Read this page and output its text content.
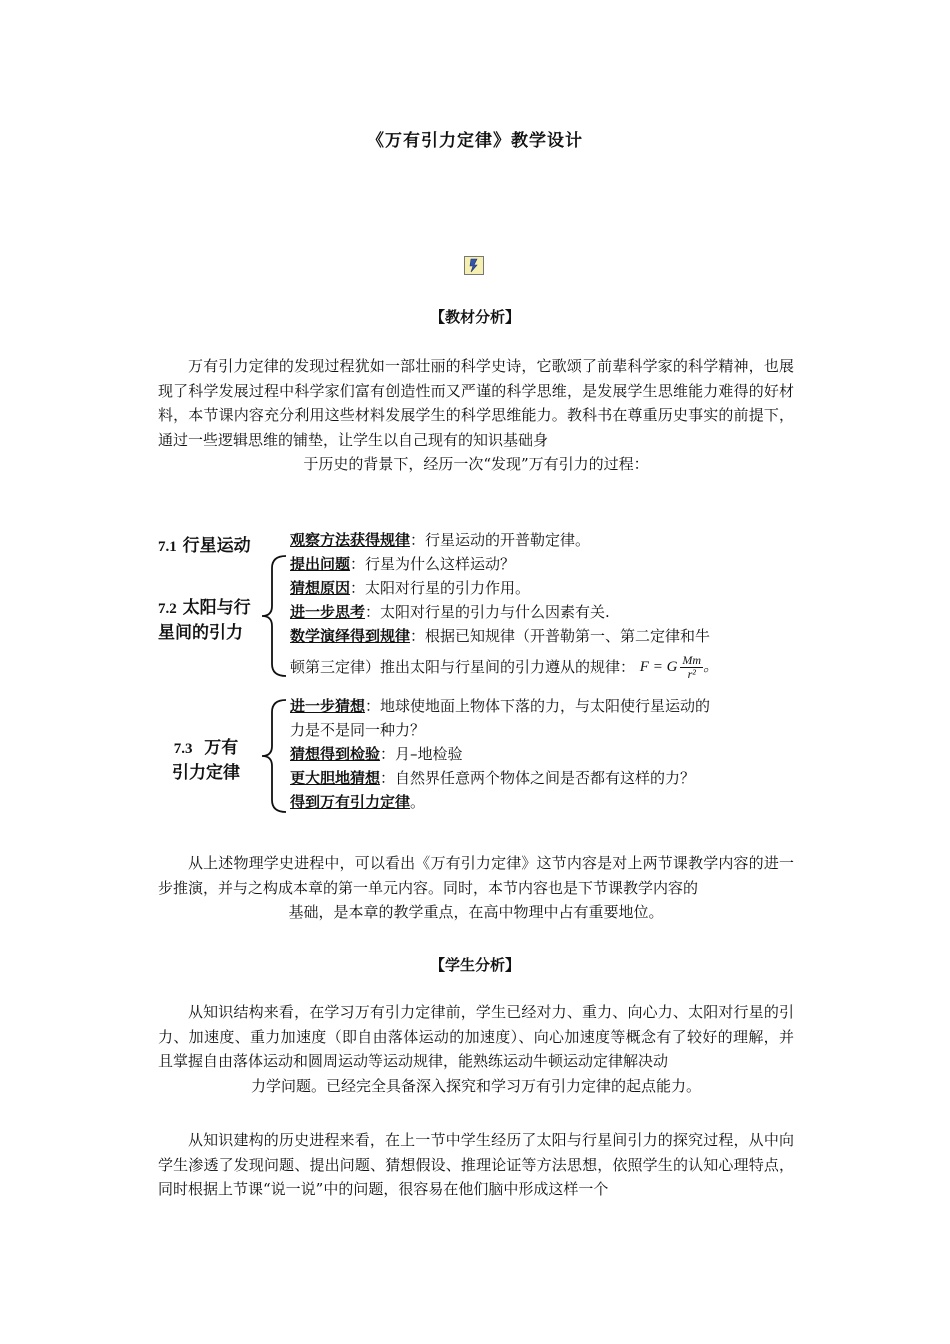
《万有引力定律》教学设计
【教材分析】
万有引力定律的发现过程犹如一部壮丽的科学史诗，它歌颂了前辈科学家的科学精神，也展现了科学发展过程中科学家们富有创造性而又严谨的科学思维，是发展学生思维能力难得的好材料，本节课内容充分利用这些材料发展学生的科学思维能力。教科书在尊重历史事实的前提下，通过一些逻辑思维的铺垫，让学生以自己现有的知识基础身
于历史的背景下，经历一次“发现”万有引力的过程：
7.1 行星运动
7.2 太阳与行
星间的引力
7.3 万有
引力定律
观察方法获得规律：行星运动的开普勒定律。
提出问题：行星为什么这样运动？
猜想原因：太阳对行星的引力作用。
进一步思考：太阳对行星的引力与什么因素有关.
数学演绎得到规律：根据已知规律（开普勒第一、第二定律和牛
顿第三定律）推出太阳与行星间的引力遵从的规律： F = G $\frac{Mm}{\text{r²}}$ 。
进一步猜想：地球使地面上物体下落的力，与太阳使行星运动的
力是不是同一种力？
猜想得到检验：月–地检验
更大胆地猜想：自然界任意两个物体之间是否都有这样的力？
得到万有引力定律。
从上述物理学史进程中，可以看出《万有引力定律》这节内容是对上两节课教学内容的进一步推演，并与之构成本章的第一单元内容。同时，本节内容也是下节课教学内容的
基础，是本章的教学重点，在高中物理中占有重要地位。
【学生分析】
从知识结构来看，在学习万有引力定律前，学生已经对力、重力、向心力、太阳对行星的引力、加速度、重力加速度（即自由落体运动的加速度）、向心加速度等概念有了较好的理解，并且掌握自由落体运动和圆周运动等运动规律，能熟练运动牛顿运动定律解决动
力学问题。已经完全具备深入探究和学习万有引力定律的起点能力。
从知识建构的历史进程来看，在上一节中学生经历了太阳与行星间引力的探究过程，从中向学生渗透了发现问题、提出问题、猜想假设、推理论证等方法思想，依照学生的认知心理特点，同时根据上节课“说一说”中的问题，很容易在他们脑中形成这样一个
